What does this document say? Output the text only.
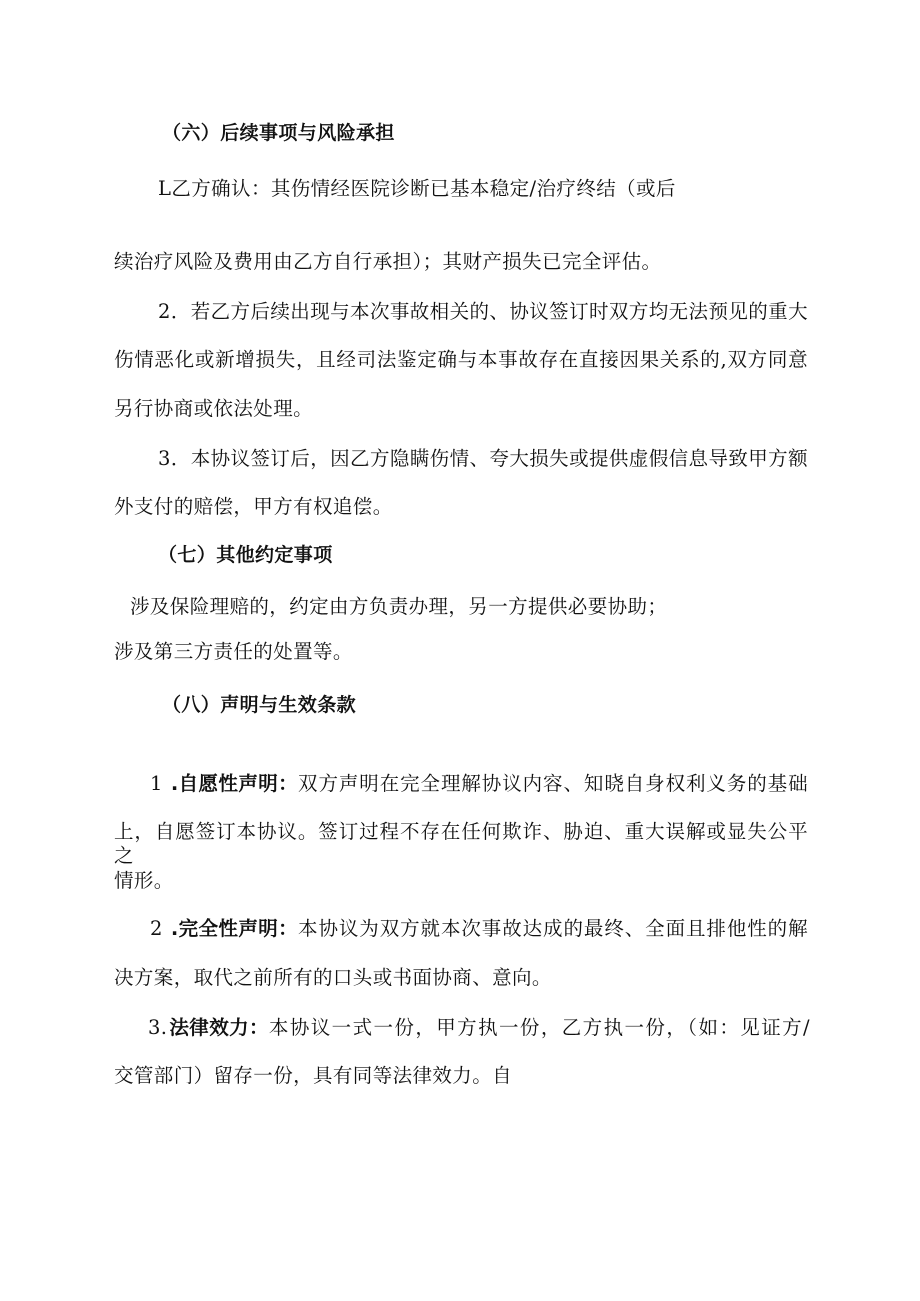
（六）后续事项与风险承担
L乙方确认：其伤情经医院诊断已基本稳定/治疗终结（或后
续治疗风险及费用由乙方自行承担）；其财产损失已完全评估。
2．若乙方后续出现与本次事故相关的、协议签订时双方均无法预见的重大
伤情恶化或新增损失，且经司法鉴定确与本事故存在直接因果关系的,双方同意
另行协商或依法处理。
3．本协议签订后，因乙方隐瞒伤情、夸大损失或提供虚假信息导致甲方额
外支付的赔偿，甲方有权追偿。
（七）其他约定事项
涉及保险理赔的，约定由方负责办理，另一方提供必要协助；
涉及第三方责任的处置等。
（八）声明与生效条款
1 .自愿性声明： 双方声明在完全理解协议内容、知晓自身权利义务的基础
上，自愿签订本协议。签订过程不存在任何欺诈、胁迫、重大误解或显失公平之
情形。
2 .完全性声明： 本协议为双方就本次事故达成的最终、全面且排他性的解
决方案，取代之前所有的口头或书面协商、意向。
3. 法律效力： 本协议一式一份，甲方执一份，乙方执一份，（如：见证方/
交管部门）留存一份，具有同等法律效力。自
